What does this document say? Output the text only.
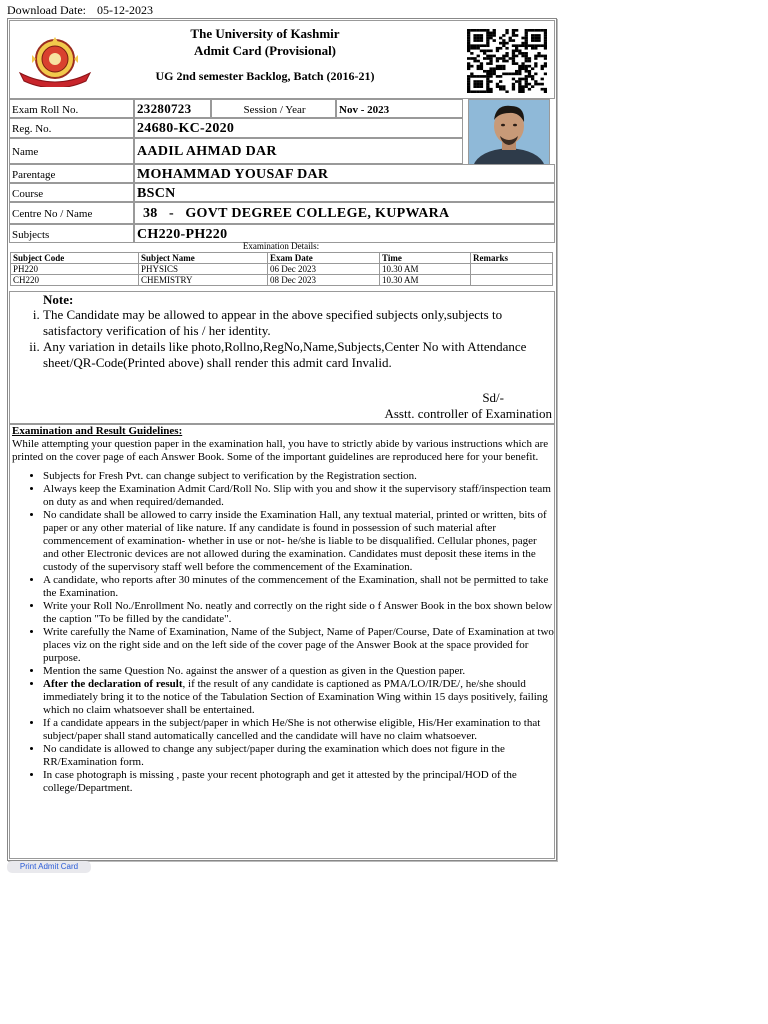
Download Date: 05-12-2023
The University of Kashmir
Admit Card (Provisional)
UG 2nd semester Backlog, Batch (2016-21)
Exam Roll No.	23280723	Session / Year	Nov - 2023
Reg. No.	24680-KC-2020
Name	AADIL AHMAD DAR
Parentage	MOHAMMAD YOUSAF DAR
Course	BSCN
Centre No / Name	38   -   GOVT DEGREE COLLEGE, KUPWARA
Subjects	CH220-PH220
Examination Details:
Subject Code	Subject Name	Exam Date	Time	Remarks
PH220	PHYSICS	06 Dec 2023	10.30 AM	
CH220	CHEMISTRY	08 Dec 2023	10.30 AM	
Note:
i. The Candidate may be allowed to appear in the above specified subjects only,subjects to satisfactory verification of his / her identity.
ii. Any variation in details like photo,Rollno,RegNo,Name,Subjects,Center No with Attendance sheet/QR-Code(Printed above) shall render this admit card Invalid.
Sd/-
Asstt. controller of Examination
Examination and Result Guidelines:
While attempting your question paper in the examination hall, you have to strictly abide by various instructions which are printed on the cover page of each Answer Book. Some of the important guidelines are reproduced here for your benefit.
• Subjects for Fresh Pvt. can change subject to verification by the Registration section.
• Always keep the Examination Admit Card/Roll No. Slip with you and show it the supervisory staff/inspection team on duty as and when required/demanded.
• No candidate shall be allowed to carry inside the Examination Hall, any textual material, printed or written, bits of paper or any other material of like nature. If any candidate is found in possession of such material after commencement of examination- whether in use or not- he/she is liable to be disqualified. Cellular phones, pager and other Electronic devices are not allowed during the examination. Candidates must deposit these items in the custody of the supervisory staff well before the commencement of the Examination.
• A candidate, who reports after 30 minutes of the commencement of the Examination, shall not be permitted to take the Examination.
• Write your Roll No./Enrollment No. neatly and correctly on the right side o f Answer Book in the box shown below the caption "To be filled by the candidate".
• Write carefully the Name of Examination, Name of the Subject, Name of Paper/Course, Date of Examination at two places viz on the right side and on the left side of the cover page of the Answer Book at the space provided for purpose.
• Mention the same Question No. against the answer of a question as given in the Question paper.
• After the declaration of result, if the result of any candidate is captioned as PMA/LO/IR/DE/, he/she should immediately bring it to the notice of the Tabulation Section of Examination Wing within 15 days positively, failing which no claim whatsoever shall be entertained.
• If a candidate appears in the subject/paper in which He/She is not otherwise eligible, His/Her examination to that subject/paper shall stand automatically cancelled and the candidate will have no claim whatsoever.
• No candidate is allowed to change any subject/paper during the examination which does not figure in the RR/Examination form.
• In case photograph is missing , paste your recent photograph and get it attested by the principal/HOD of the college/Department.
Print Admit Card
